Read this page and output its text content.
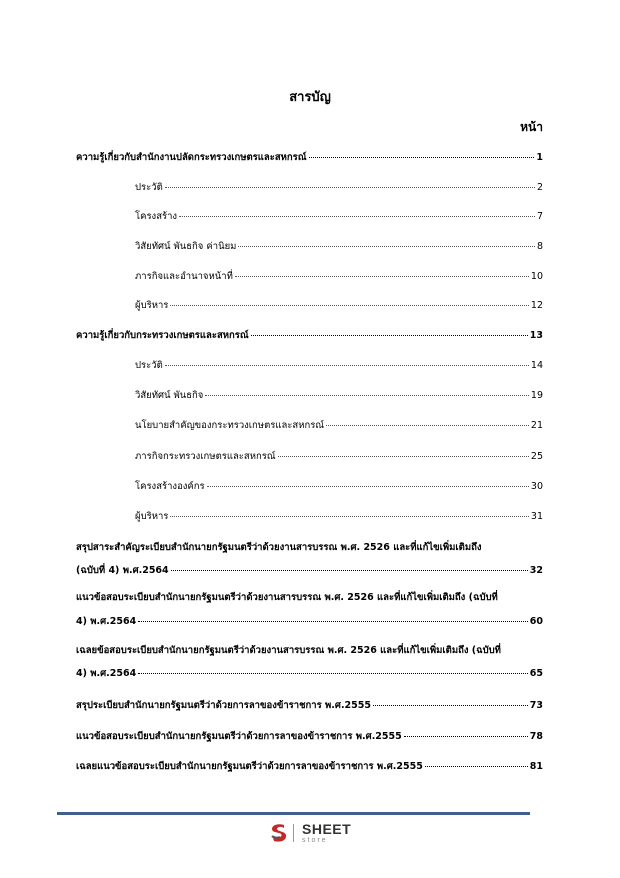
สารบัญ
หน้า
ความรู้เกี่ยวกับสำนักงานปลัดกระทรวงเกษตรและสหกรณ์	1
ประวัติ	2
โครงสร้าง	7
วิสัยทัศน์ พันธกิจ ค่านิยม	8
ภารกิจและอำนาจหน้าที่	10
ผู้บริหาร	12
ความรู้เกี่ยวกับกระทรวงเกษตรและสหกรณ์	13
ประวัติ	14
วิสัยทัศน์ พันธกิจ	19
นโยบายสำคัญของกระทรวงเกษตรและสหกรณ์	21
ภารกิจกระทรวงเกษตรและสหกรณ์	25
โครงสร้างองค์กร	30
ผู้บริหาร	31
สรุปสาระสำคัญระเบียบสำนักนายกรัฐมนตรีว่าด้วยงานสารบรรณ พ.ศ. 2526 และที่แก้ไขเพิ่มเติมถึง
(ฉบับที่ 4) พ.ศ.2564	32
แนวข้อสอบระเบียบสำนักนายกรัฐมนตรีว่าด้วยงานสารบรรณ พ.ศ. 2526 และที่แก้ไขเพิ่มเติมถึง (ฉบับที่
4) พ.ศ.2564	60
เฉลยข้อสอบระเบียบสำนักนายกรัฐมนตรีว่าด้วยงานสารบรรณ พ.ศ. 2526 และที่แก้ไขเพิ่มเติมถึง (ฉบับที่
4) พ.ศ.2564	65
สรุประเบียบสำนักนายกรัฐมนตรีว่าด้วยการลาของข้าราชการ พ.ศ.2555	73
แนวข้อสอบระเบียบสำนักนายกรัฐมนตรีว่าด้วยการลาของข้าราชการ พ.ศ.2555	78
เฉลยแนวข้อสอบระเบียบสำนักนายกรัฐมนตรีว่าด้วยการลาของข้าราชการ พ.ศ.2555	81
SHEET
store
